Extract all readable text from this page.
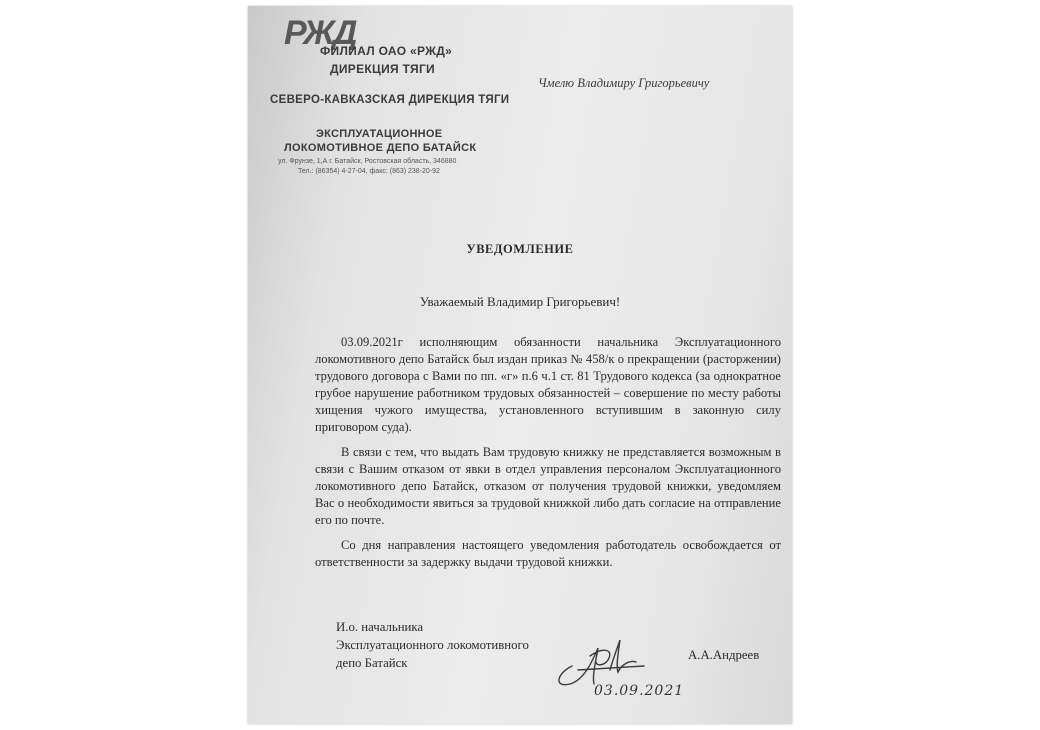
РЖД
ФИЛИАЛ ОАО «РЖД»
ДИРЕКЦИЯ ТЯГИ
СЕВЕРО-КАВКАЗСКАЯ ДИРЕКЦИЯ ТЯГИ
ЭКСПЛУАТАЦИОННОЕ
ЛОКОМОТИВНОЕ ДЕПО БАТАЙСК
ул. Фрунзе, 1,А г. Батайск, Ростовская область, 346880
Тел.: (86354) 4-27-04, факс: (863) 238-20-92
Чмелю Владимиру Григорьевичу
УВЕДОМЛЕНИЕ
Уважаемый Владимир Григорьевич!

03.09.2021г исполняющим обязанности начальника Эксплуатационного локомотивного депо Батайск был издан приказ № 458/к о прекращении (расторжении) трудового договора с Вами по пп. «г» п.6 ч.1 ст. 81 Трудового кодекса (за однократное грубое нарушение работником трудовых обязанностей – совершение по месту работы хищения чужого имущества, установленного вступившим в законную силу приговором суда).

В связи с тем, что выдать Вам трудовую книжку не представляется возможным в связи с Вашим отказом от явки в отдел управления персоналом Эксплуатационного локомотивного депо Батайск, отказом от получения трудовой книжки, уведомляем Вас о необходимости явиться за трудовой книжкой либо дать согласие на отправление его по почте.

Со дня направления настоящего уведомления работодатель освобождается от ответственности за задержку выдачи трудовой книжки.

И.о. начальника
Эксплуатационного локомотивного
депо Батайск
А.А.Андреев
03.09.2021
